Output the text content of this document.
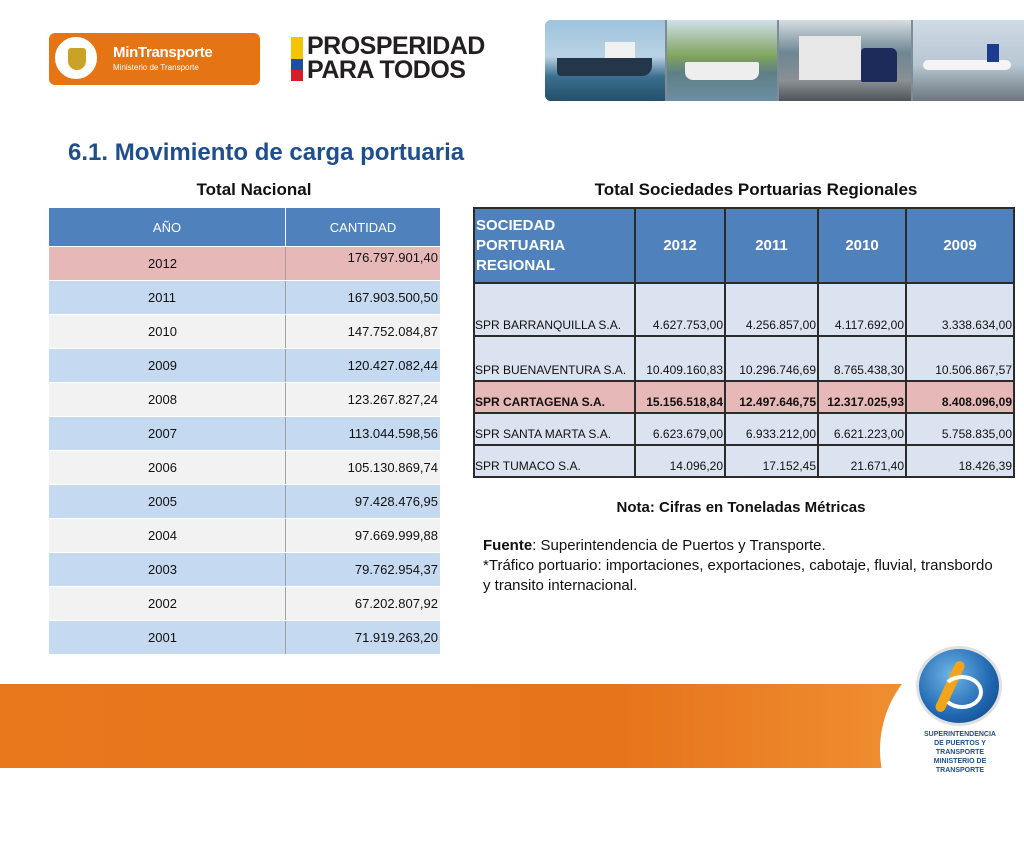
MinTransporte
Ministerio de Transporte
PROSPERIDAD
PARA TODOS
6.1. Movimiento de carga portuaria
Total Nacional	Total Sociedades Portuarias Regionales
AÑO	CANTIDAD
2012	176.797.901,40
2011	167.903.500,50
2010	147.752.084,87
2009	120.427.082,44
2008	123.267.827,24
2007	113.044.598,56
2006	105.130.869,74
2005	97.428.476,95
2004	97.669.999,88
2003	79.762.954,37
2002	67.202.807,92
2001	71.919.263,20
SOCIEDAD PORTUARIA
REGIONAL	2012	2011	2010	2009
SPR BARRANQUILLA S.A.	4.627.753,00	4.256.857,00	4.117.692,00	3.338.634,00
SPR BUENAVENTURA S.A.	10.409.160,83	10.296.746,69	8.765.438,30	10.506.867,57
SPR CARTAGENA S.A.	15.156.518,84	12.497.646,75	12.317.025,93	8.408.096,09
SPR SANTA MARTA S.A.	6.623.679,00	6.933.212,00	6.621.223,00	5.758.835,00
SPR TUMACO S.A.	14.096,20	17.152,45	21.671,40	18.426,39

Nota: Cifras en Toneladas Métricas

Fuente: Superintendencia de Puertos y Transporte.
*Tráfico portuario: importaciones, exportaciones, cabotaje, fluvial, transbordo y transito internacional.

SUPERINTENDENCIA
DE PUERTOS Y TRANSPORTE
MINISTERIO DE TRANSPORTE
